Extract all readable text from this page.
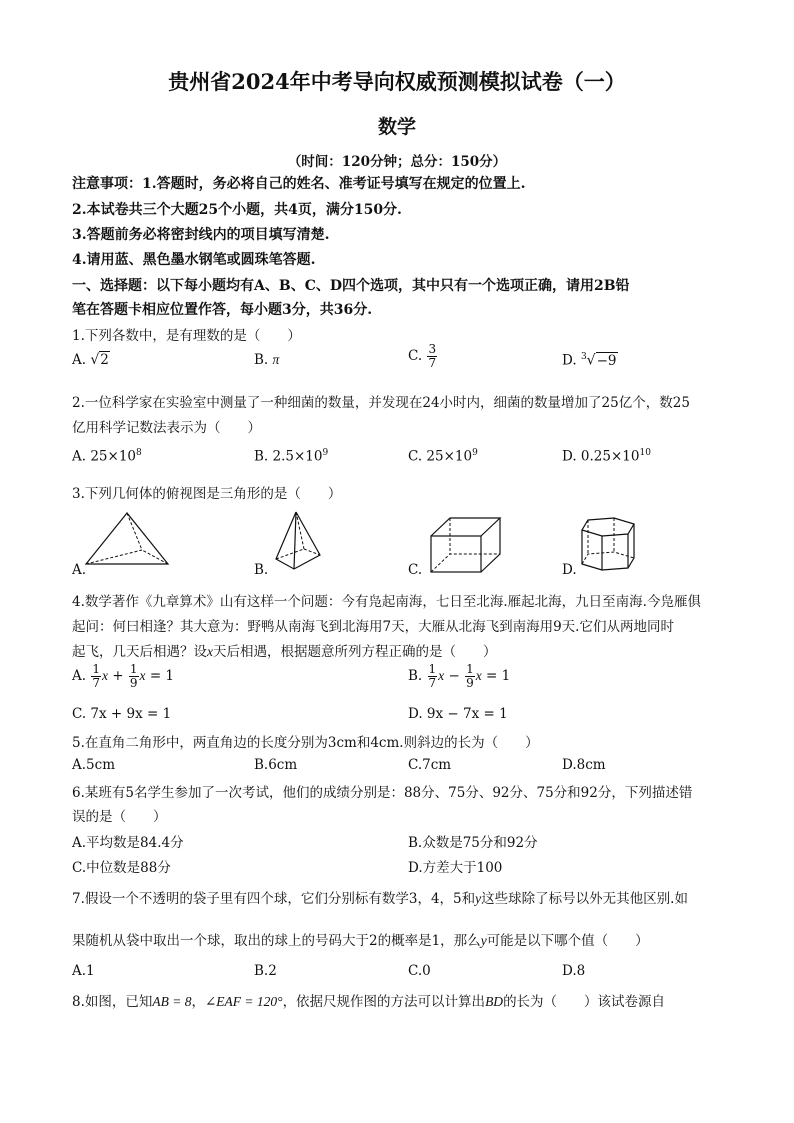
贵州省2024年中考导向权威预测模拟试卷（一）
数学
（时间：120分钟；总分：150分）
注意事项：1.答题时，务必将自己的姓名、准考证号填写在规定的位置上.
2.本试卷共三个大题25个小题，共4页，满分150分.
3.答题前务必将密封线内的项目填写清楚.
4.请用蓝、黑色墨水钢笔或圆珠笔答题.
一、选择题：以下每小题均有A、B、C、D四个选项，其中只有一个选项正确，请用2B铅
笔在答题卡相应位置作答，每小题3分，共36分.
1.下列各数中，是有理数的是（　　）
A. √2	B. π	C. $\frac{3}{7}$	D. $^3$√−9
2.一位科学家在实验室中测量了一种细菌的数量，并发现在24小时内，细菌的数量增加了25亿个，数25
亿用科学记数法表示为（　　）
A. $25\times 10^8$	B. $2.5\times 10^9$	C. $25\times 10^9$	D. $0.25\times 10^{10}$
3.下列几何体的俯视图是三角形的是（　　）
A.	B.	C.	D.
4.数学著作《九章算术》山有这样一个问题：今有凫起南海，七日至北海.雁起北海，九日至南海.今凫雁俱
起问：何曰相逢？其大意为：野鸭从南海飞到北海用7天，大雁从北海飞到南海用9天.它们从两地同时
起飞，几天后相遇？设x天后相遇，根据题意所列方程正确的是（　　）
A. $\frac{1}{7}$ $x + \frac{1}{9}$ x = 1	B. $\frac{1}{7}$ $x - \frac{1}{9}$ x = 1
C. 7x + 9x = 1	D. 9x − 7x = 1
5.在直角二角形中，两直角边的长度分别为3cm和4cm.则斜边的长为（　　）
A.5cm	B.6cm	C.7cm	D.8cm
6.某班有5名学生参加了一次考试，他们的成绩分别是：88分、75分、92分、75分和92分，下列描述错
误的是（　　）
A.平均数是84.4分	B.众数是75分和92分
C.中位数是88分	D.方差大于100
7.假设一个不透明的袋子里有四个球，它们分别标有数学3，4，5和y这些球除了标号以外无其他区别.如
果随机从袋中取出一个球，取出的球上的号码大于2的概率是1，那么y可能是以下哪个值（　　）
A.1	B.2	C.0	D.8
8.如图，已知AB = 8，∠EAF = 120°，依据尺规作图的方法可以计算出BD的长为（　　）该试卷源自
